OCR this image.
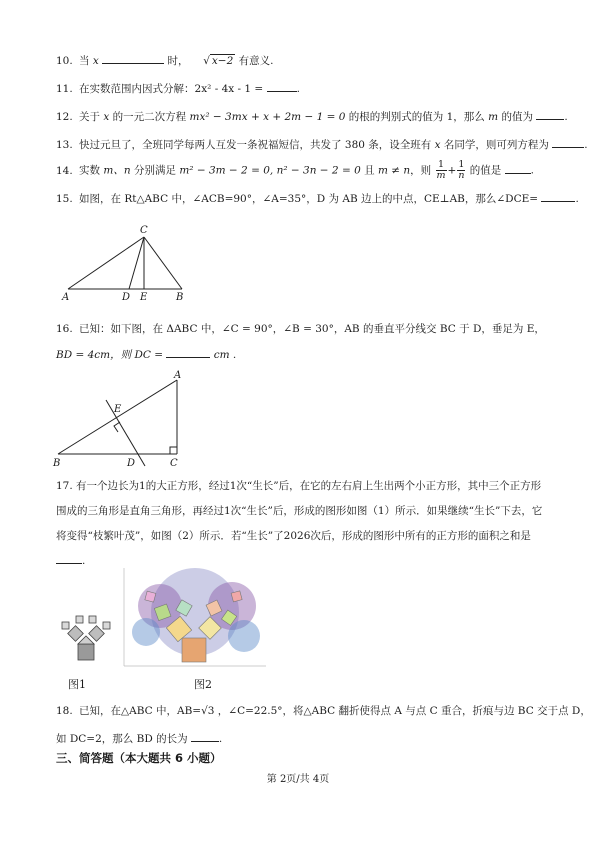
10. 当 x	时， √ x−2 有意义.
11. 在实数范围内因式分解：2x² - 4x - 1 =	.
12. 关于 x 的一元二次方程 mx² − 3mx + x + 2m − 1 = 0 的根的判别式的值为 1，那么 m 的值为	.
13. 快过元旦了，全班同学每两人互发一条祝福短信，共发了 380 条，设全班有 x 名同学，则可列方程为	.
14. 实数 m、n 分别满足 m² − 3m − 2 = 0, n² − 3n − 2 = 0 且 m ≠ n，则 $\frac{1}{m} + \frac{1}{n}$ 的值是	.
15. 如图，在 Rt△ABC 中，∠ACB=90°，∠A=35°，D 为 AB 边上的中点，CE⊥AB，那么∠DCE=	.
C
A	D E	B
16. 已知：如下图，在 ΔABC 中，∠C = 90°，∠B = 30°，AB 的垂直平分线交 BC 于 D，垂足为 E，
BD = 4cm，则 DC =	cm .
A
E
B	D	C
17. 有一个边长为1的大正方形，经过1次“生长”后，在它的左右肩上生出两个小正方形，其中三个正方形围成的三角形是直角三角形，再经过1次“生长”后，形成的图形如图（1）所示．如果继续“生长”下去，它将变得“枝繁叶茂”，如图（2）所示．若“生长”了2026次后，形成的图形中所有的正方形的面积之和是 .
图1	图2
18. 已知，在△ABC 中，AB=√3 ，∠C=22.5°，将△ABC 翻折使得点 A 与点 C 重合，折痕与边 BC 交于点 D，
如 DC=2，那么 BD 的长为	.
三、简答题（本大题共 6 小题）
第 2页/共 4页
